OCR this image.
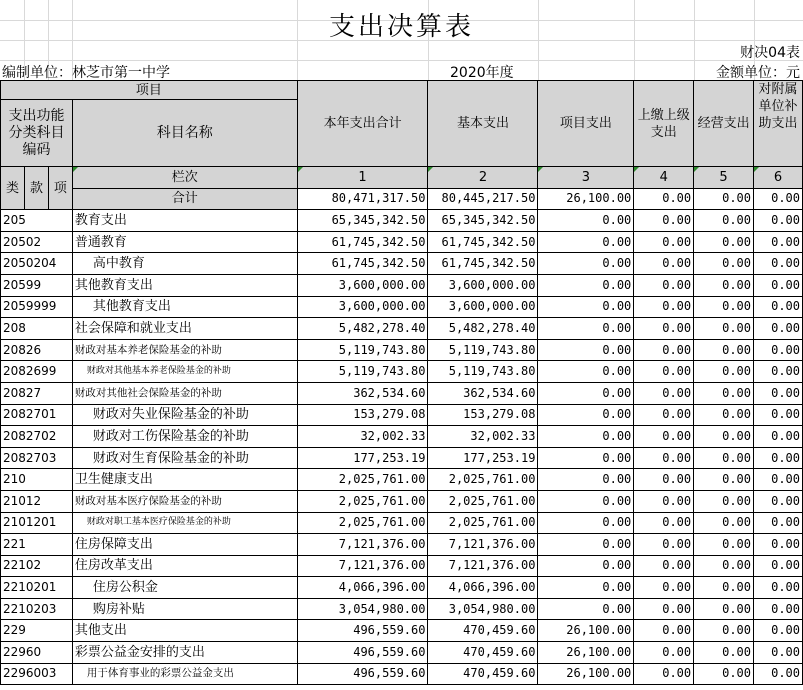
支出决算表
财决04表
编制单位：林芝市第一中学	2020年度	金额单位：元
项目				本年支出合计	基本支出	项目支出	上缴上级支出	经营支出	对附属单位补助支出

支出功能分类科目编码			科目名称						
类	款	项	栏次	1	2	3	4	5	6
			合计	80,471,317.50	80,445,217.50	26,100.00	0.00	0.00	0.00
205			教育支出	65,345,342.50	65,345,342.50	0.00	0.00	0.00	0.00
20502			普通教育	61,745,342.50	61,745,342.50	0.00	0.00	0.00	0.00
2050204			高中教育	61,745,342.50	61,745,342.50	0.00	0.00	0.00	0.00
20599			其他教育支出	3,600,000.00	3,600,000.00	0.00	0.00	0.00	0.00
2059999			其他教育支出	3,600,000.00	3,600,000.00	0.00	0.00	0.00	0.00
208			社会保障和就业支出	5,482,278.40	5,482,278.40	0.00	0.00	0.00	0.00
20826			财政对基本养老保险基金的补助	5,119,743.80	5,119,743.80	0.00	0.00	0.00	0.00
2082699			财政对其他基本养老保险基金的补助	5,119,743.80	5,119,743.80	0.00	0.00	0.00	0.00
20827			财政对其他社会保险基金的补助	362,534.60	362,534.60	0.00	0.00	0.00	0.00
2082701			财政对失业保险基金的补助	153,279.08	153,279.08	0.00	0.00	0.00	0.00
2082702			财政对工伤保险基金的补助	32,002.33	32,002.33	0.00	0.00	0.00	0.00
2082703			财政对生育保险基金的补助	177,253.19	177,253.19	0.00	0.00	0.00	0.00
210			卫生健康支出	2,025,761.00	2,025,761.00	0.00	0.00	0.00	0.00
21012			财政对基本医疗保险基金的补助	2,025,761.00	2,025,761.00	0.00	0.00	0.00	0.00
2101201			财政对职工基本医疗保险基金的补助	2,025,761.00	2,025,761.00	0.00	0.00	0.00	0.00
221			住房保障支出	7,121,376.00	7,121,376.00	0.00	0.00	0.00	0.00
22102			住房改革支出	7,121,376.00	7,121,376.00	0.00	0.00	0.00	0.00
2210201			住房公积金	4,066,396.00	4,066,396.00	0.00	0.00	0.00	0.00
2210203			购房补贴	3,054,980.00	3,054,980.00	0.00	0.00	0.00	0.00
229			其他支出	496,559.60	470,459.60	26,100.00	0.00	0.00	0.00
22960			彩票公益金安排的支出	496,559.60	470,459.60	26,100.00	0.00	0.00	0.00
2296003			用于体育事业的彩票公益金支出	496,559.60	470,459.60	26,100.00	0.00	0.00	0.00
